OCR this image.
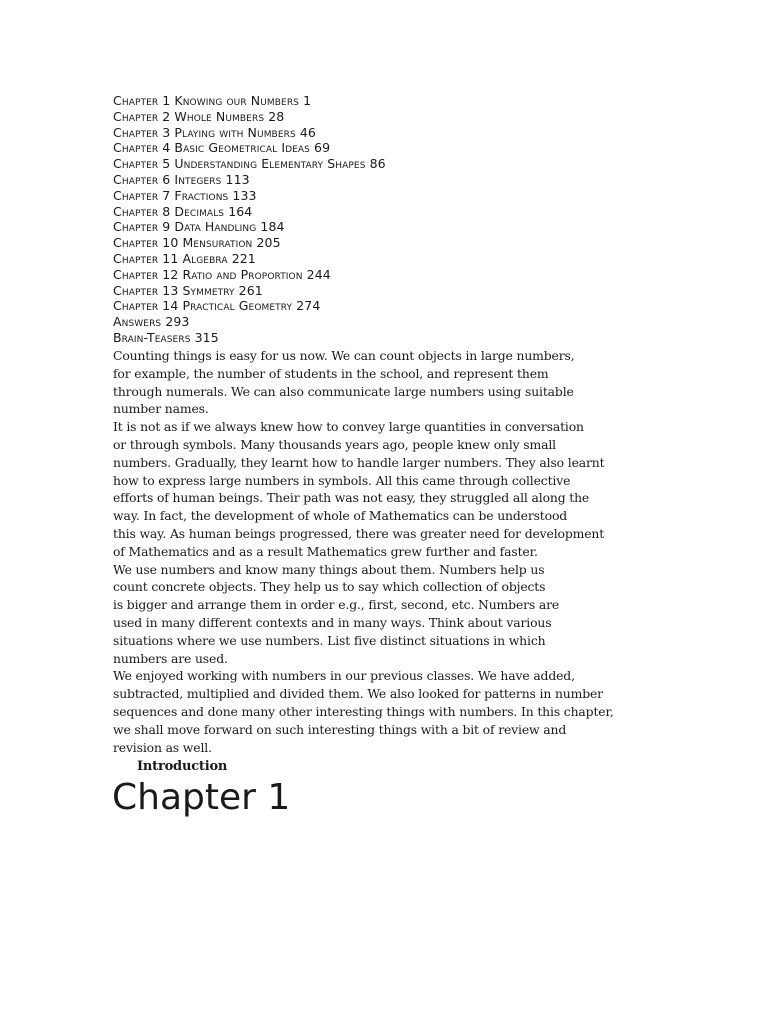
Chapter 1 Knowing our Numbers 1
Chapter 2 Whole Numbers 28
Chapter 3 Playing with Numbers 46
Chapter 4 Basic Geometrical Ideas 69
Chapter 5 Understanding Elementary Shapes 86
Chapter 6 Integers 113
Chapter 7 Fractions 133
Chapter 8 Decimals 164
Chapter 9 Data Handling 184
Chapter 10 Mensuration 205
Chapter 11 Algebra 221
Chapter 12 Ratio and Proportion 244
Chapter 13 Symmetry 261
Chapter 14 Practical Geometry 274
Answers 293
Brain-Teasers 315

Counting things is easy for us now. We can count objects in large numbers,
for example, the number of students in the school, and represent them
through numerals. We can also communicate large numbers using suitable
number names.

It is not as if we always knew how to convey large quantities in conversation
or through symbols. Many thousands years ago, people knew only small
numbers. Gradually, they learnt how to handle larger numbers. They also learnt
how to express large numbers in symbols. All this came through collective
efforts of human beings. Their path was not easy, they struggled all along the
way. In fact, the development of whole of Mathematics can be understood
this way. As human beings progressed, there was greater need for development
of Mathematics and as a result Mathematics grew further and faster.

We use numbers and know many things about them. Numbers help us
count concrete objects. They help us to say which collection of objects
is bigger and arrange them in order e.g., first, second, etc. Numbers are
used in many different contexts and in many ways. Think about various
situations where we use numbers. List five distinct situations in which
numbers are used.

We enjoyed working with numbers in our previous classes. We have added,
subtracted, multiplied and divided them. We also looked for patterns in number
sequences and done many other interesting things with numbers. In this chapter,
we shall move forward on such interesting things with a bit of review and
revision as well.

Introduction
Chapter 1
